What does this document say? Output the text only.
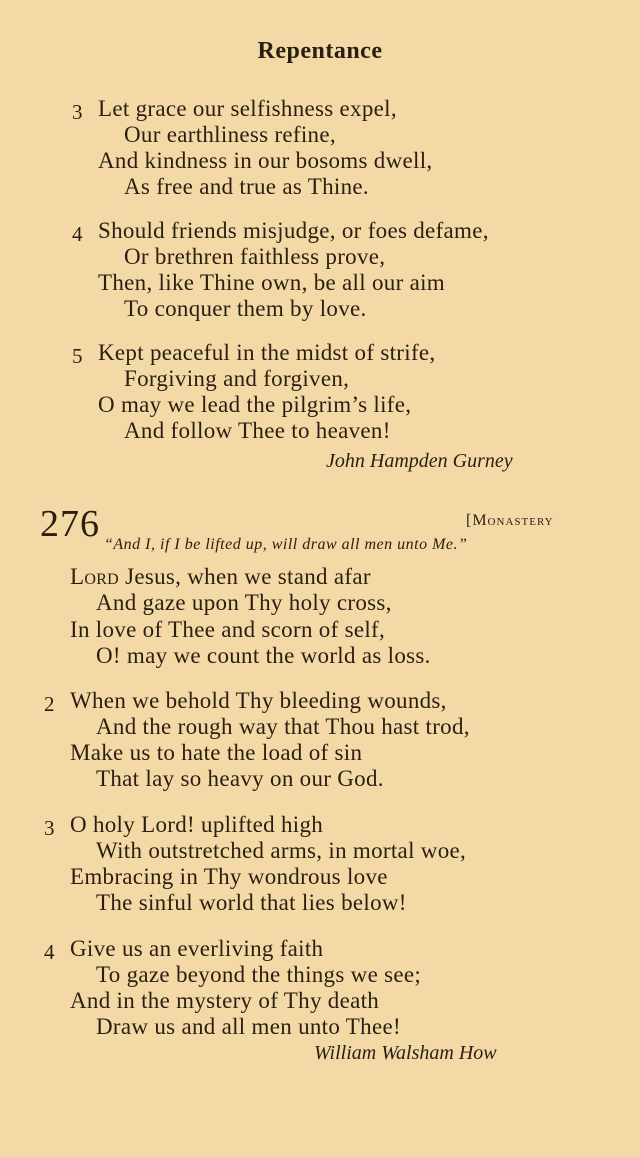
Repentance
3 Let grace our selfishness expel,
Our earthliness refine,
And kindness in our bosoms dwell,
As free and true as Thine.
4 Should friends misjudge, or foes defame,
Or brethren faithless prove,
Then, like Thine own, be all our aim
To conquer them by love.
5 Kept peaceful in the midst of strife,
Forgiving and forgiven,
O may we lead the pilgrim’s life,
And follow Thee to heaven!
John Hampden Gurney
276	[Monastery
“And I, if I be lifted up, will draw all men unto Me.”
Lord Jesus, when we stand afar
And gaze upon Thy holy cross,
In love of Thee and scorn of self,
O! may we count the world as loss.
2 When we behold Thy bleeding wounds,
And the rough way that Thou hast trod,
Make us to hate the load of sin
That lay so heavy on our God.
3 O holy Lord! uplifted high
With outstretched arms, in mortal woe,
Embracing in Thy wondrous love
The sinful world that lies below!
4 Give us an everliving faith
To gaze beyond the things we see;
And in the mystery of Thy death
Draw us and all men unto Thee!
William Walsham How
